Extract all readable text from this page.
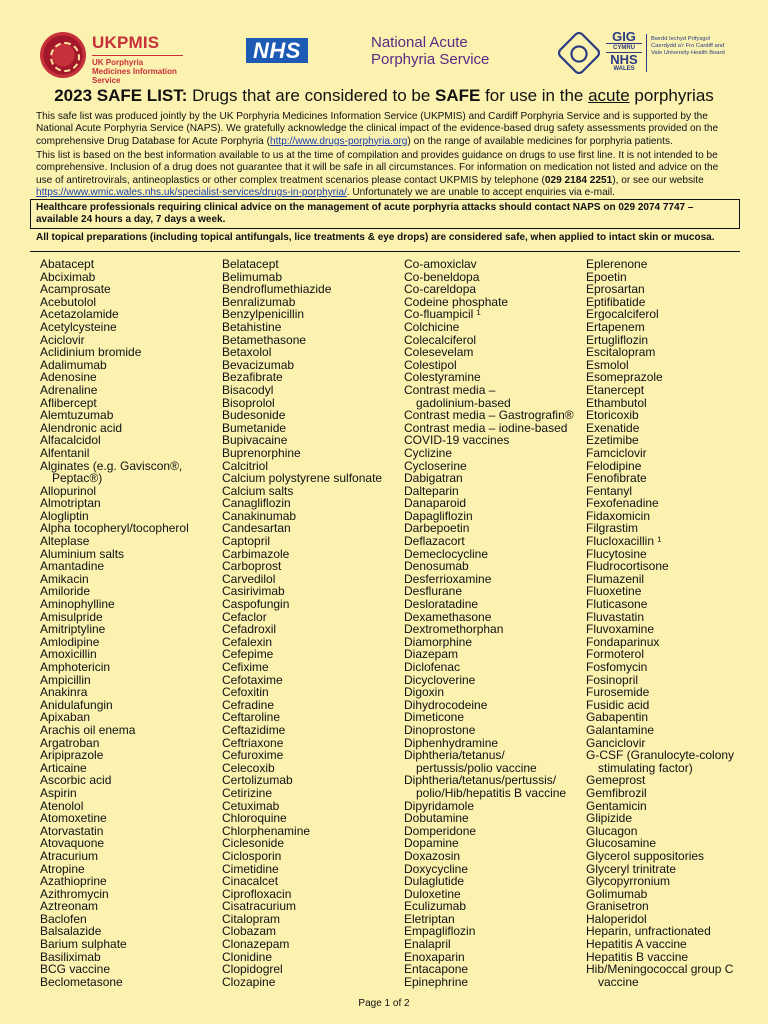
UKPMIS
UK Porphyria Medicines Information Service
NHS	National Acute
Porphyria Service
GIG
CYMRU
NHS
WALES
Bwrdd Iechyd Prifysgol Caerdydd a'r Fro Cardiff and Vale University Health Board
2023 SAFE LIST: Drugs that are considered to be SAFE for use in the acute porphyrias
This safe list was produced jointly by the UK Porphyria Medicines Information Service (UKPMIS) and Cardiff Porphyria Service and is supported by the National Acute Porphyria Service (NAPS). We gratefully acknowledge the clinical impact of the evidence-based drug safety assessments provided on the comprehensive Drug Database for Acute Porphyria (http://www.drugs-porphyria.org) on the range of available medicines for porphyria patients.
This list is based on the best information available to us at the time of compilation and provides guidance on drugs to use first line. It is not intended to be comprehensive. Inclusion of a drug does not guarantee that it will be safe in all circumstances. For information on medication not listed and advice on the use of antiretrovirals, antineoplastics or other complex treatment scenarios please contact UKPMIS by telephone (029 2184 2251), or see our website https://www.wmic.wales.nhs.uk/specialist-services/drugs-in-porphyria/. Unfortunately we are unable to accept enquiries via e-mail.
Healthcare professionals requiring clinical advice on the management of acute porphyria attacks should contact NAPS on 029 2074 7747 – available 24 hours a day, 7 days a week.
All topical preparations (including topical antifungals, lice treatments & eye drops) are considered safe, when applied to intact skin or mucosa.
Abatacept
Abciximab
Acamprosate
Acebutolol
Acetazolamide
Acetylcysteine
Aciclovir
Aclidinium bromide
Adalimumab
Adenosine
Adrenaline
Aflibercept
Alemtuzumab
Alendronic acid
Alfacalcidol
Alfentanil
Alginates (e.g. Gaviscon®,
Peptac®)
Allopurinol
Almotriptan
Alogliptin
Alpha tocopheryl/tocopherol
Alteplase
Aluminium salts
Amantadine
Amikacin
Amiloride
Aminophylline
Amisulpride
Amitriptyline
Amlodipine
Amoxicillin
Amphotericin
Ampicillin
Anakinra
Anidulafungin
Apixaban
Arachis oil enema
Argatroban
Aripiprazole
Articaine
Ascorbic acid
Aspirin
Atenolol
Atomoxetine
Atorvastatin
Atovaquone
Atracurium
Atropine
Azathioprine
Azithromycin
Aztreonam
Baclofen
Balsalazide
Barium sulphate
Basiliximab
BCG vaccine
Beclometasone
Belatacept
Belimumab
Bendroflumethiazide
Benralizumab
Benzylpenicillin
Betahistine
Betamethasone
Betaxolol
Bevacizumab
Bezafibrate
Bisacodyl
Bisoprolol
Budesonide
Bumetanide
Bupivacaine
Buprenorphine
Calcitriol
Calcium polystyrene sulfonate
Calcium salts
Canagliflozin
Canakinumab
Candesartan
Captopril
Carbimazole
Carboprost
Carvedilol
Casirivimab
Caspofungin
Cefaclor
Cefadroxil
Cefalexin
Cefepime
Cefixime
Cefotaxime
Cefoxitin
Cefradine
Ceftaroline
Ceftazidime
Ceftriaxone
Cefuroxime
Celecoxib
Certolizumab
Cetirizine
Cetuximab
Chloroquine
Chlorphenamine
Ciclesonide
Ciclosporin
Cimetidine
Cinacalcet
Ciprofloxacin
Cisatracurium
Citalopram
Clobazam
Clonazepam
Clonidine
Clopidogrel
Clozapine
Co-amoxiclav
Co-beneldopa
Co-careldopa
Codeine phosphate
Co-fluampicil ¹
Colchicine
Colecalciferol
Colesevelam
Colestipol
Colestyramine
Contrast media –
gadolinium-based
Contrast media – Gastrografin®
Contrast media – iodine-based
COVID-19 vaccines
Cyclizine
Cycloserine
Dabigatran
Dalteparin
Danaparoid
Dapagliflozin
Darbepoetin
Deflazacort
Demeclocycline
Denosumab
Desferrioxamine
Desflurane
Desloratadine
Dexamethasone
Dextromethorphan
Diamorphine
Diazepam
Diclofenac
Dicycloverine
Digoxin
Dihydrocodeine
Dimeticone
Dinoprostone
Diphenhydramine
Diphtheria/tetanus/
pertussis/polio vaccine
Diphtheria/tetanus/pertussis/
polio/Hib/hepatitis B vaccine
Dipyridamole
Dobutamine
Domperidone
Dopamine
Doxazosin
Doxycycline
Dulaglutide
Duloxetine
Eculizumab
Eletriptan
Empagliflozin
Enalapril
Enoxaparin
Entacapone
Epinephrine
Eplerenone
Epoetin
Eprosartan
Eptifibatide
Ergocalciferol
Ertapenem
Ertugliflozin
Escitalopram
Esmolol
Esomeprazole
Etanercept
Ethambutol
Etoricoxib
Exenatide
Ezetimibe
Famciclovir
Felodipine
Fenofibrate
Fentanyl
Fexofenadine
Fidaxomicin
Filgrastim
Flucloxacillin ¹
Flucytosine
Fludrocortisone
Flumazenil
Fluoxetine
Fluticasone
Fluvastatin
Fluvoxamine
Fondaparinux
Formoterol
Fosfomycin
Fosinopril
Furosemide
Fusidic acid
Gabapentin
Galantamine
Ganciclovir
G-CSF (Granulocyte-colony
stimulating factor)
Gemeprost
Gemfibrozil
Gentamicin
Glipizide
Glucagon
Glucosamine
Glycerol suppositories
Glyceryl trinitrate
Glycopyrronium
Golimumab
Granisetron
Haloperidol
Heparin, unfractionated
Hepatitis A vaccine
Hepatitis B vaccine
Hib/Meningococcal group C
vaccine
Page 1 of 2
